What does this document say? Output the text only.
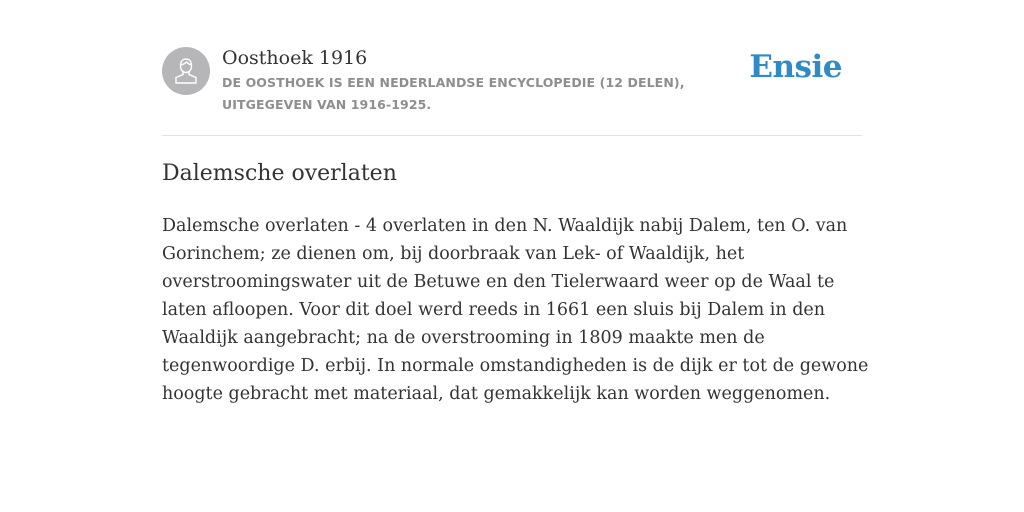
Oosthoek 1916
DE OOSTHOEK IS EEN NEDERLANDSE ENCYCLOPEDIE (12 DELEN), UITGEGEVEN VAN 1916-1925.
Ensie
Dalemsche overlaten

Dalemsche overlaten - 4 overlaten in den N. Waaldijk nabij Dalem, ten O. van Gorinchem; ze dienen om, bij doorbraak van Lek- of Waaldijk, het overstroomingswater uit de Betuwe en den Tielerwaard weer op de Waal te laten afloopen. Voor dit doel werd reeds in 1661 een sluis bij Dalem in den Waaldijk aangebracht; na de overstrooming in 1809 maakte men de tegenwoordige D. erbij. In normale omstandigheden is de dijk er tot de gewone hoogte gebracht met materiaal, dat gemakkelijk kan worden weggenomen.
